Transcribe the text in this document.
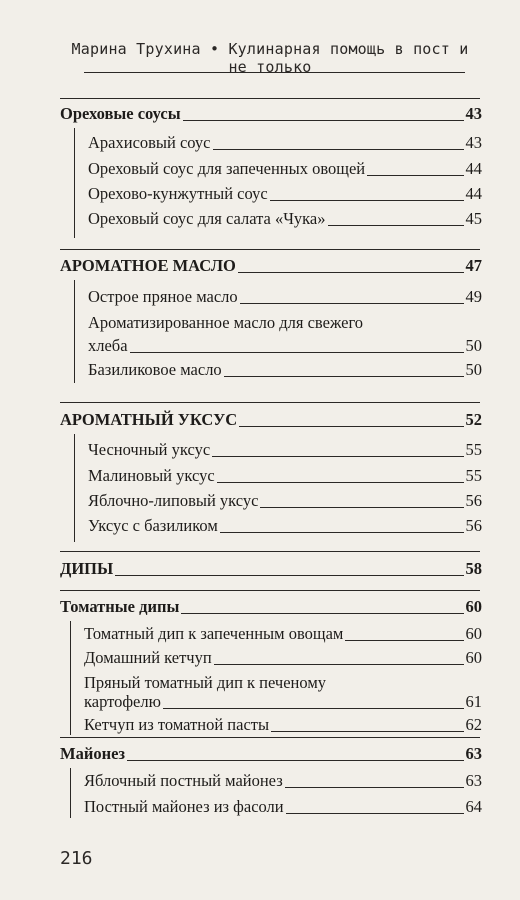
Марина Трухина • Кулинарная помощь в пост и не только
Ореховые соусы	43
Арахисовый соус	43
Ореховый соус для запеченных овощей	44
Орехово-кунжутный соус	44
Ореховый соус для салата «Чука»	45
АРОМАТНОЕ МАСЛО	47
Острое пряное масло	49
Ароматизированное масло для свежего
хлеба	50
Базиликовое масло	50
АРОМАТНЫЙ УКСУС	52
Чесночный уксус	55
Малиновый уксус	55
Яблочно-липовый уксус	56
Уксус с базиликом	56
ДИПЫ	58
Томатные дипы	60
Томатный дип к запеченным овощам	60
Домашний кетчуп	60
Пряный томатный дип к печеному
картофелю	61
Кетчуп из томатной пасты	62
Майонез	63
Яблочный постный майонез	63
Постный майонез из фасоли	64
216
